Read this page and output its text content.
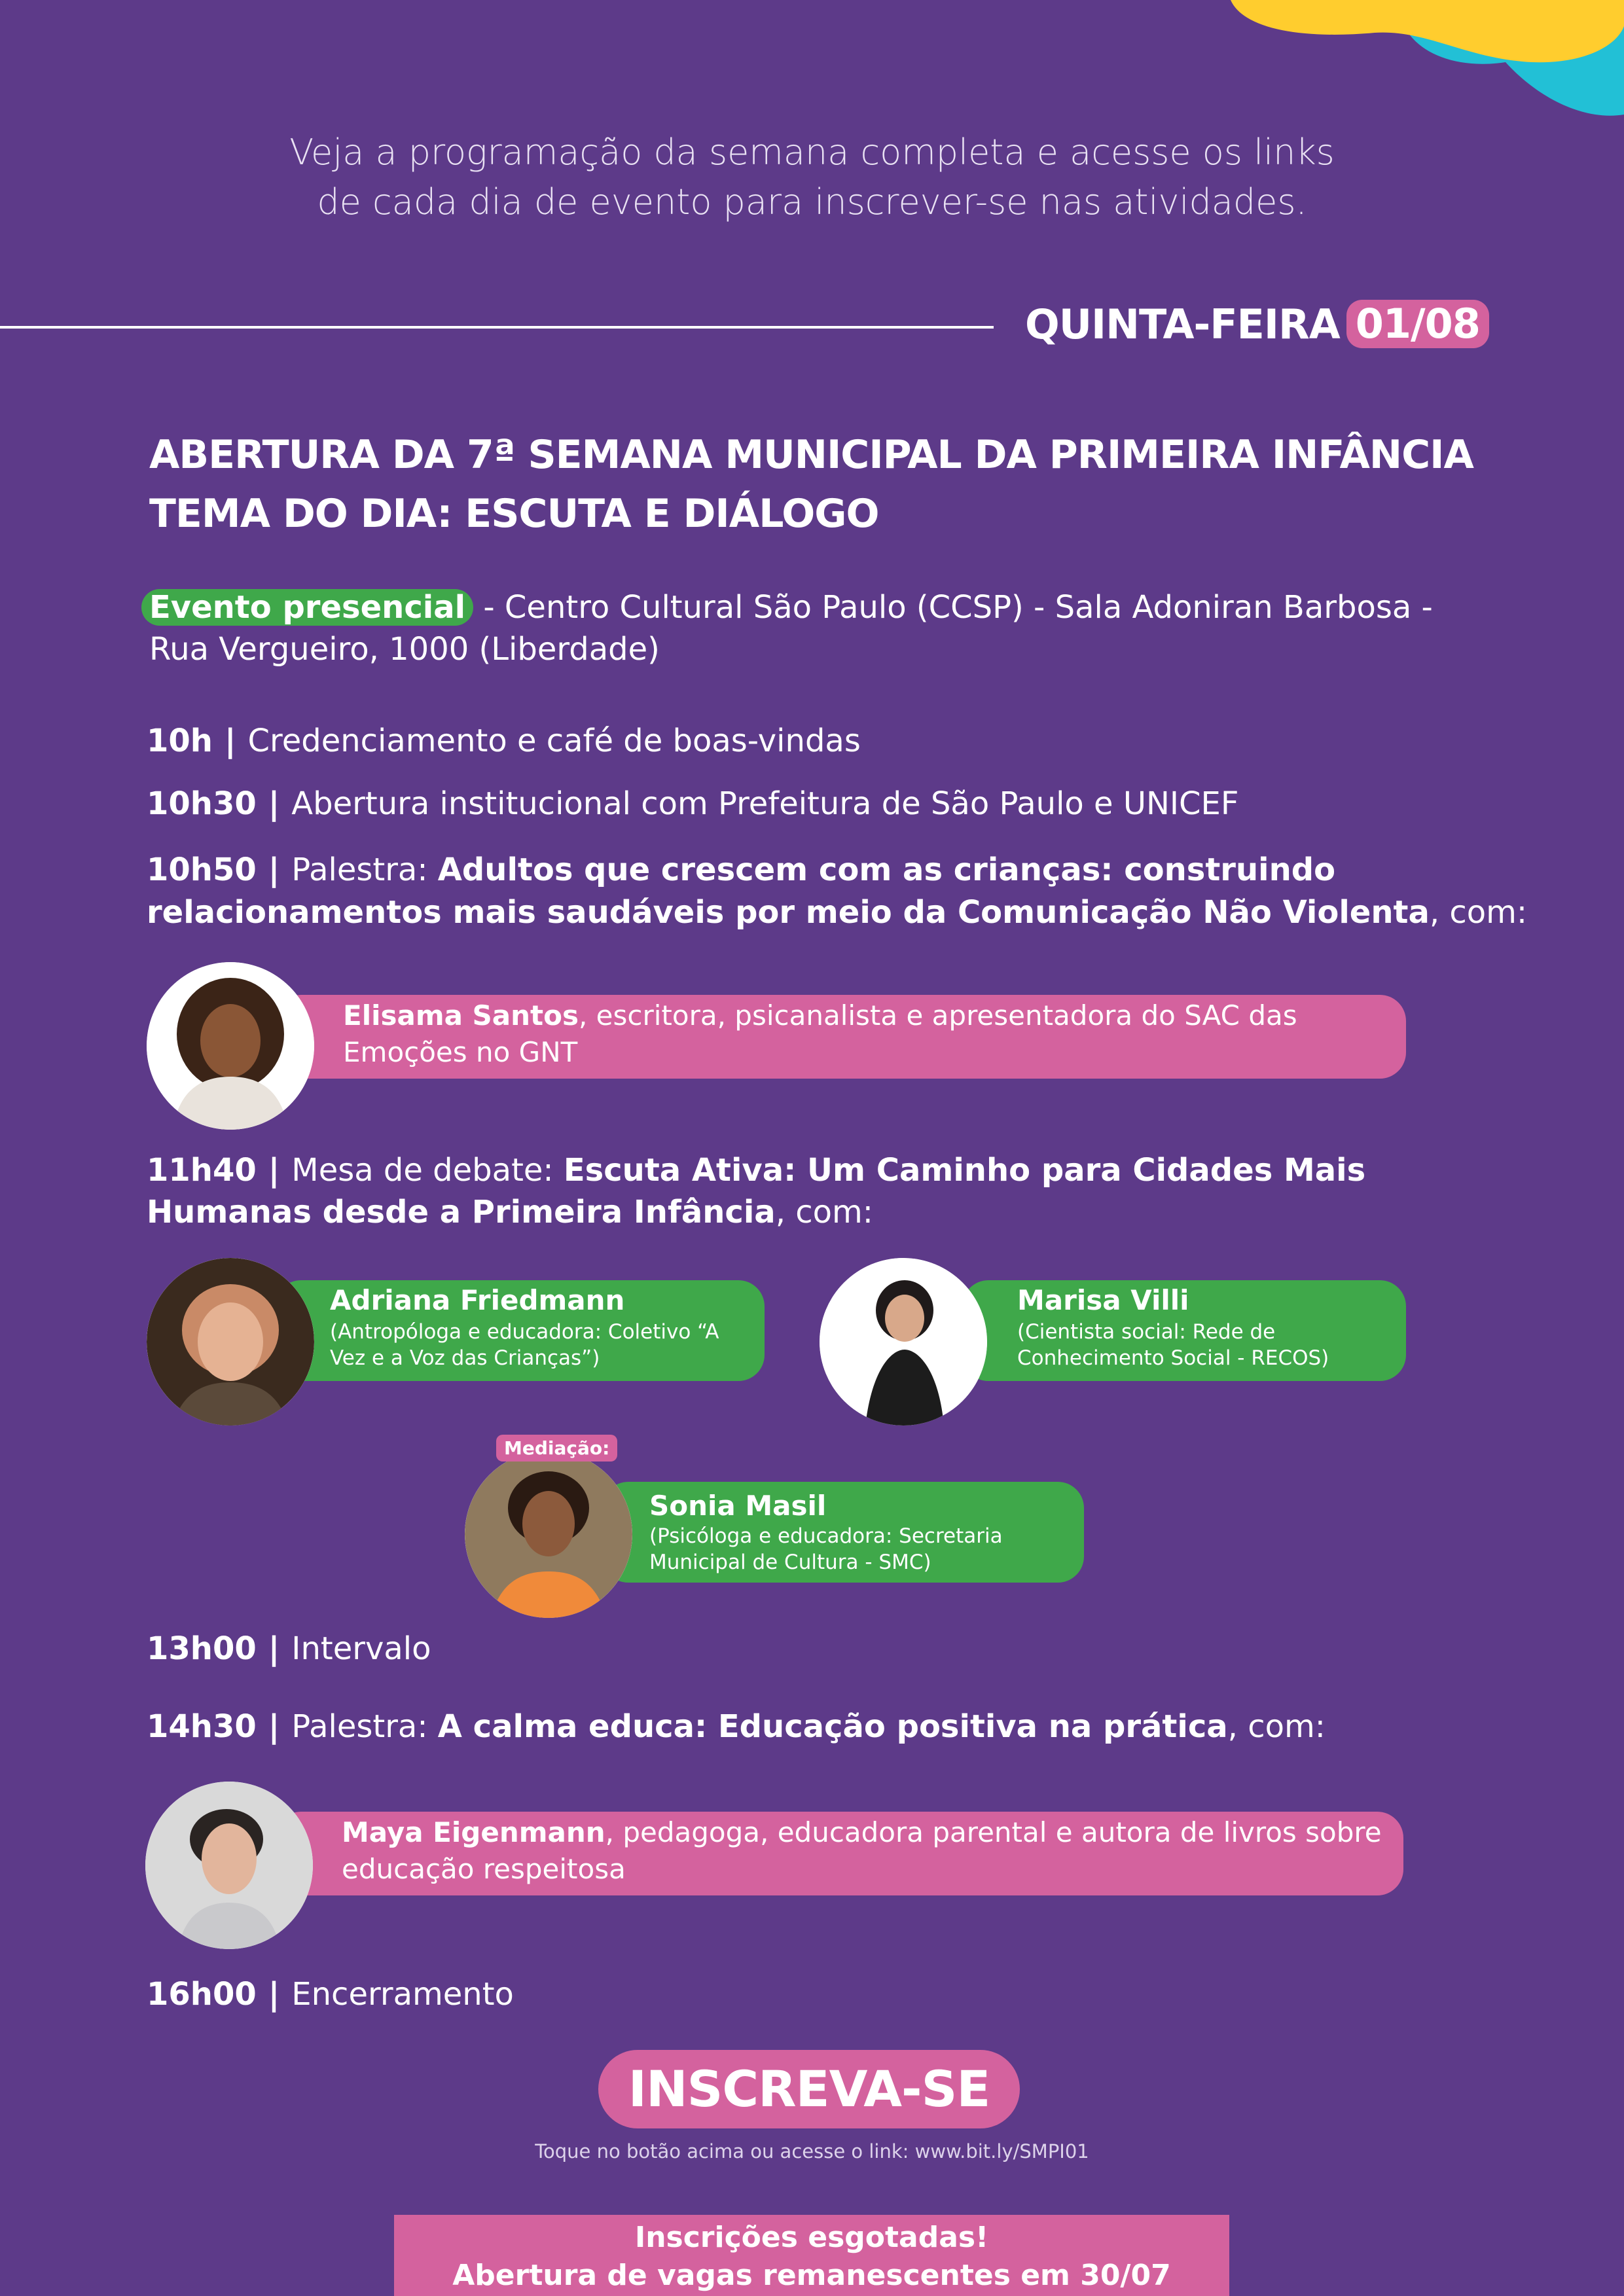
Veja a programação da semana completa e acesse os links
de cada dia de evento para inscrever-se nas atividades.
QUINTA-FEIRA 01/08
ABERTURA DA 7ª SEMANA MUNICIPAL DA PRIMEIRA INFÂNCIA
TEMA DO DIA: ESCUTA E DIÁLOGO
Evento presencial - Centro Cultural São Paulo (CCSP) - Sala Adoniran Barbosa -
Rua Vergueiro, 1000 (Liberdade)
10h | Credenciamento e café de boas-vindas
10h30 | Abertura institucional com Prefeitura de São Paulo e UNICEF
10h50 | Palestra: Adultos que crescem com as crianças: construindo
relacionamentos mais saudáveis por meio da Comunicação Não Violenta, com:
Elisama Santos, escritora, psicanalista e apresentadora do SAC das
Emoções no GNT
11h40 | Mesa de debate: Escuta Ativa: Um Caminho para Cidades Mais
Humanas desde a Primeira Infância, com:
Adriana Friedmann
(Antropóloga e educadora: Coletivo “A
Vez e a Voz das Crianças”)
Marisa Villi
(Cientista social: Rede de
Conhecimento Social - RECOS)
Mediação:
Sonia Masil
(Psicóloga e educadora: Secretaria
Municipal de Cultura - SMC)
13h00 | Intervalo
14h30 | Palestra: A calma educa: Educação positiva na prática, com:
Maya Eigenmann, pedagoga, educadora parental e autora de livros sobre
educação respeitosa
16h00 | Encerramento
INSCREVA-SE
Toque no botão acima ou acesse o link: www.bit.ly/SMPI01
Inscrições esgotadas!
Abertura de vagas remanescentes em 30/07
